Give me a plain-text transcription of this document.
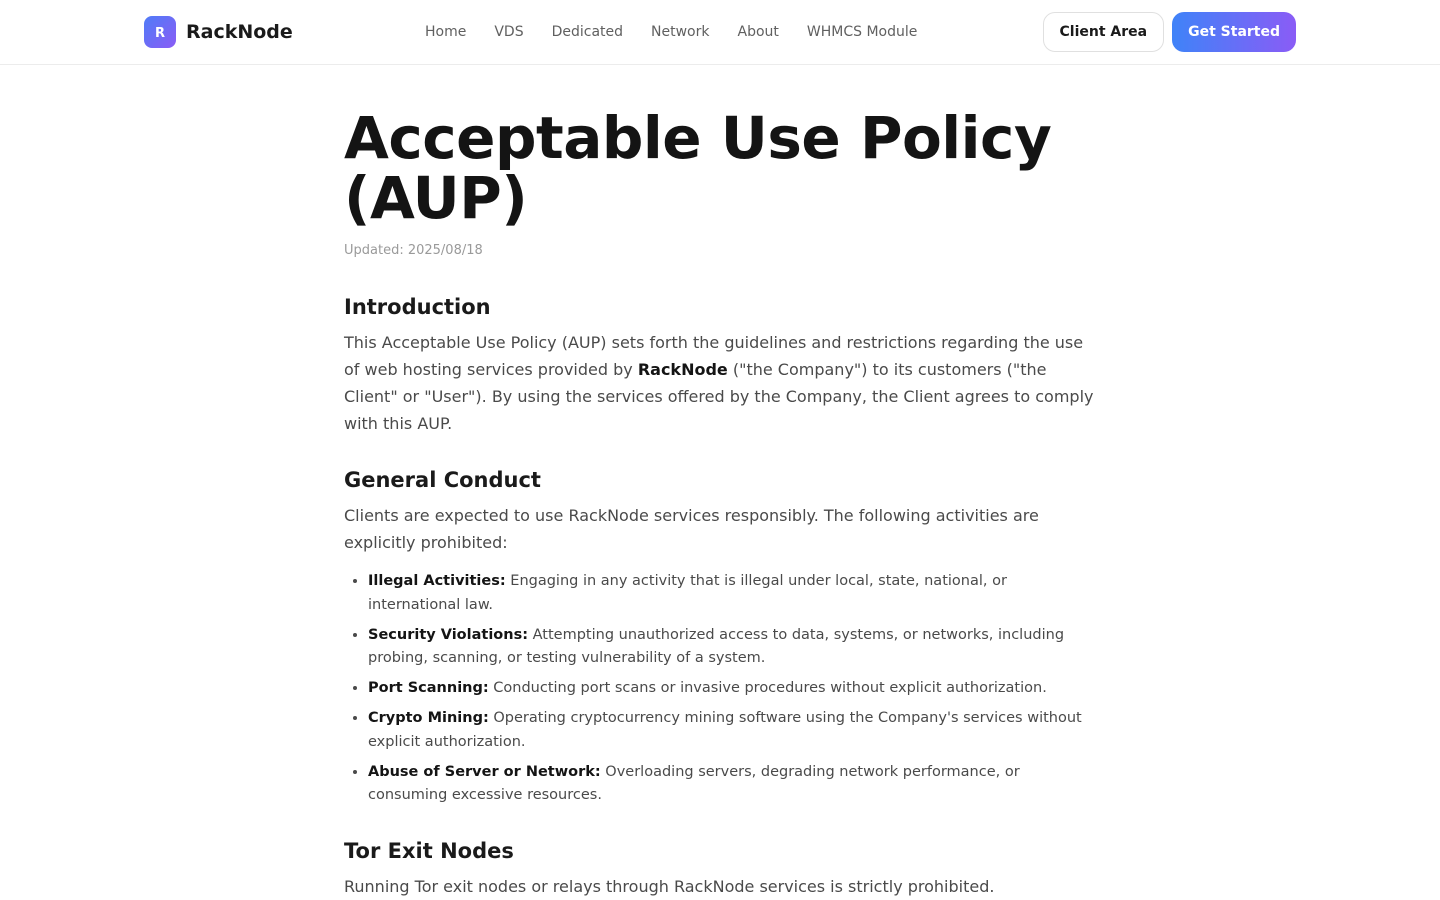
R	RackNode	Home VDS Dedicated Network About WHMCS Module	Client Area	Get Started
Acceptable Use Policy (AUP)
Updated: 2025/08/18
Introduction

This Acceptable Use Policy (AUP) sets forth the guidelines and restrictions regarding the use of web hosting services provided by RackNode ("the Company") to its customers ("the Client" or "User"). By using the services offered by the Company, the Client agrees to comply with this AUP.

General Conduct

Clients are expected to use RackNode services responsibly. The following activities are explicitly prohibited:

• Illegal Activities: Engaging in any activity that is illegal under local, state, national, or international law.
• Security Violations: Attempting unauthorized access to data, systems, or networks, including probing, scanning, or testing vulnerability of a system.
• Port Scanning: Conducting port scans or invasive procedures without explicit authorization.
• Crypto Mining: Operating cryptocurrency mining software using the Company's services without explicit authorization.
• Abuse of Server or Network: Overloading servers, degrading network performance, or consuming excessive resources.
Tor Exit Nodes

Running Tor exit nodes or relays through RackNode services is strictly prohibited.
